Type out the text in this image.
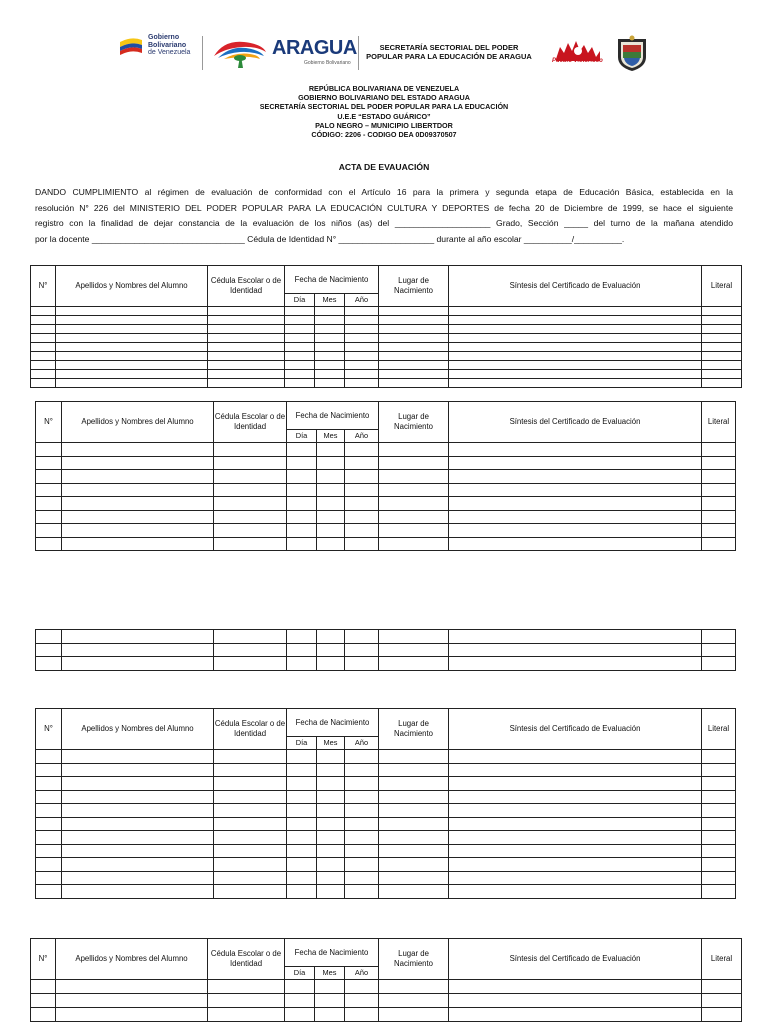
Gobierno
Bolivariano
de Venezuela	ARAGUA
Gobierno Bolivariano
SECRETARÍA SECTORIAL DEL PODER
POPULAR PARA LA EDUCACIÓN DE ARAGUA	Pueblo Victorioso
REPÚBLICA BOLIVARIANA DE VENEZUELA
GOBIERNO BOLIVARIANO DEL ESTADO ARAGUA
SECRETARÍA SECTORIAL DEL PODER POPULAR PARA LA EDUCACIÓN
U.E.E “ESTADO GUÁRICO”
PALO NEGRO – MUNICIPIO LIBERTDOR
CÓDIGO: 2206 - CODIGO DEA 0D09370507
ACTA DE EVAUACIÓN
DANDO CUMPLIMIENTO al régimen de evaluación de conformidad con el Artículo 16 para la primera y segunda etapa de Educación Básica, establecida en la
resolución N° 226 del MINISTERIO DEL PODER POPULAR PARA LA EDUCACIÓN CULTURA Y DEPORTES de fecha 20 de Diciembre de 1999, se hace el siguiente
registro con la finalidad de dejar constancia de la evaluación de los niños (as) del ____________________ Grado, Sección _____ del turno de la mañana atendido
por la docente ________________________________ Cédula de Identidad N° ____________________ durante al año escolar __________/__________.
N°	Apellidos y Nombres del Alumno	Cédula Escolar o de Identidad	Fecha de Nacimiento			Lugar de Nacimiento	Síntesis del Certificado de Evaluación	Literal
			Día	Mes	Año			

N°	Apellidos y Nombres del Alumno	Cédula Escolar o de Identidad	Fecha de Nacimiento			Lugar de Nacimiento	Síntesis del Certificado de Evaluación	Literal
			Día	Mes	Año			

N°	Apellidos y Nombres del Alumno	Cédula Escolar o de Identidad	Fecha de Nacimiento			Lugar de Nacimiento	Síntesis del Certificado de Evaluación	Literal
			Día	Mes	Año			

N°	Apellidos y Nombres del Alumno	Cédula Escolar o de Identidad	Fecha de Nacimiento			Lugar de Nacimiento	Síntesis del Certificado de Evaluación	Literal
			Día	Mes	Año			
